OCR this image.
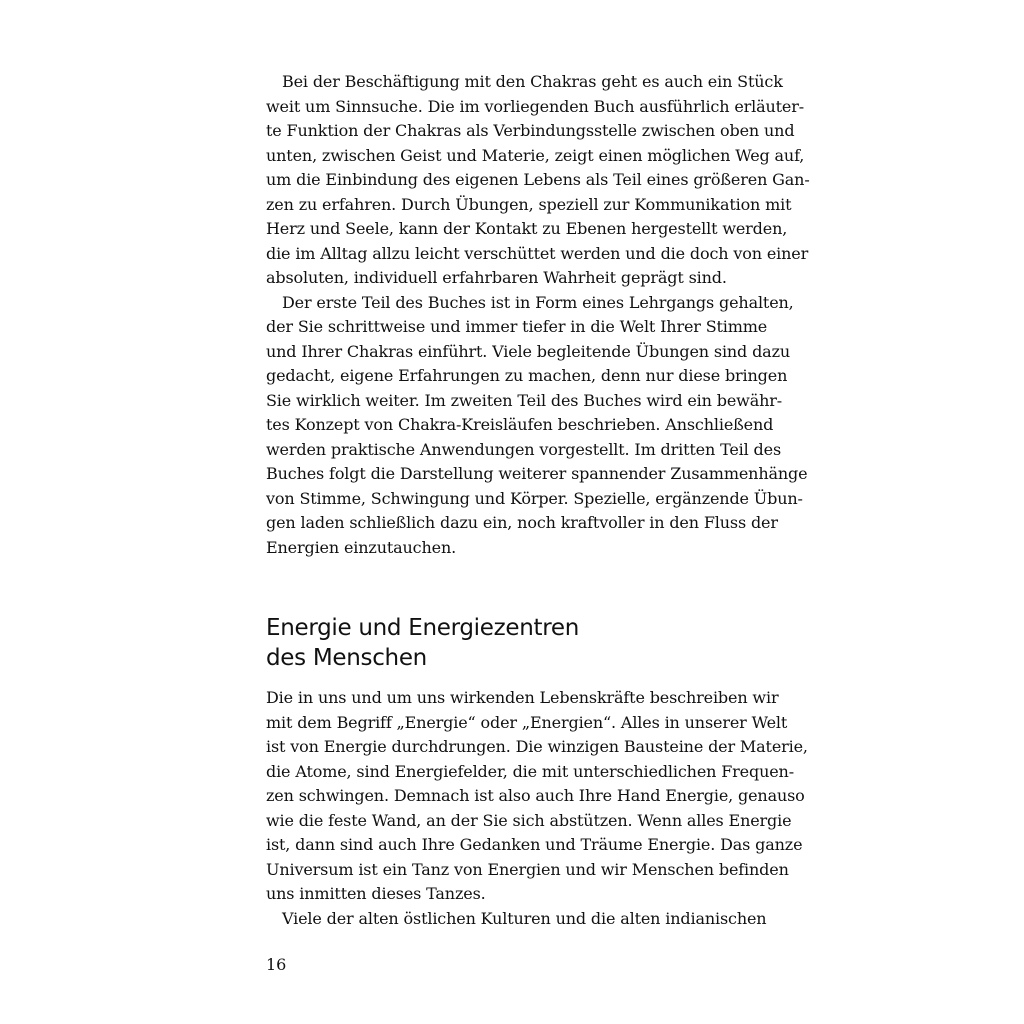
Bei der Beschäftigung mit den Chakras geht es auch ein Stück
weit um Sinnsuche. Die im vorliegenden Buch ausführlich erläuter-
te Funktion der Chakras als Verbindungsstelle zwischen oben und
unten, zwischen Geist und Materie, zeigt einen möglichen Weg auf,
um die Einbindung des eigenen Lebens als Teil eines größeren Gan-
zen zu erfahren. Durch Übungen, speziell zur Kommunikation mit
Herz und Seele, kann der Kontakt zu Ebenen hergestellt werden,
die im Alltag allzu leicht verschüttet werden und die doch von einer
absoluten, individuell erfahrbaren Wahrheit geprägt sind.
Der erste Teil des Buches ist in Form eines Lehrgangs gehalten,
der Sie schrittweise und immer tiefer in die Welt Ihrer Stimme
und Ihrer Chakras einführt. Viele begleitende Übungen sind dazu
gedacht, eigene Erfahrungen zu machen, denn nur diese bringen
Sie wirklich weiter. Im zweiten Teil des Buches wird ein bewähr-
tes Konzept von Chakra-Kreisläufen beschrieben. Anschließend
werden praktische Anwendungen vorgestellt. Im dritten Teil des
Buches folgt die Darstellung weiterer spannender Zusammenhänge
von Stimme, Schwingung und Körper. Spezielle, ergänzende Übun-
gen laden schließlich dazu ein, noch kraftvoller in den Fluss der
Energien einzutauchen.
Energie und Energiezentren
des Menschen
Die in uns und um uns wirkenden Lebenskräfte beschreiben wir
mit dem Begriff „Energie“ oder „Energien“. Alles in unserer Welt
ist von Energie durchdrungen. Die winzigen Bausteine der Materie,
die Atome, sind Energiefelder, die mit unterschiedlichen Frequen-
zen schwingen. Demnach ist also auch Ihre Hand Energie, genauso
wie die feste Wand, an der Sie sich abstützen. Wenn alles Energie
ist, dann sind auch Ihre Gedanken und Träume Energie. Das ganze
Universum ist ein Tanz von Energien und wir Menschen befinden
uns inmitten dieses Tanzes.
Viele der alten östlichen Kulturen und die alten indianischen
16
